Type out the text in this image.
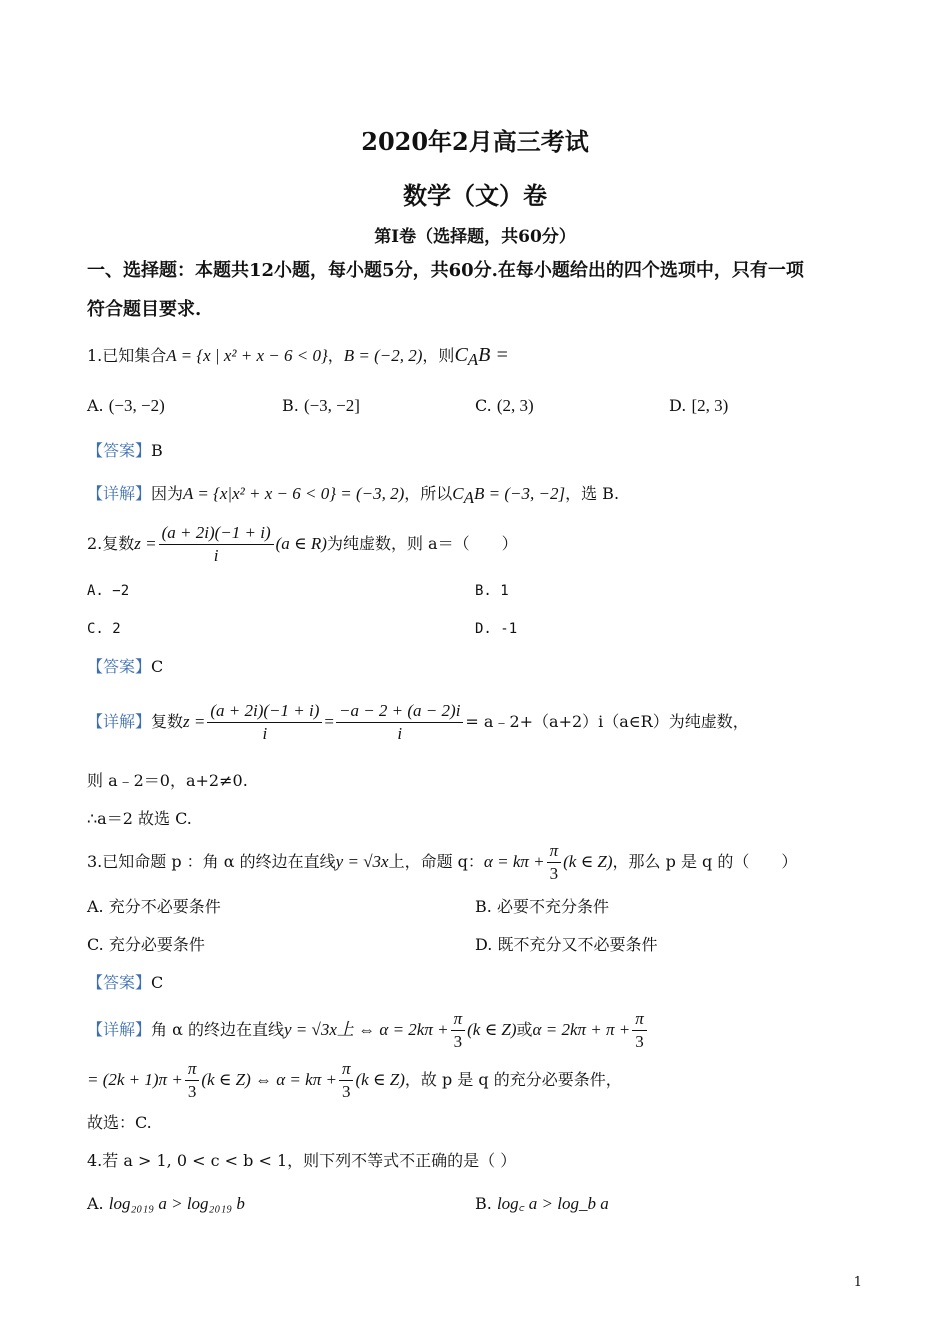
2020年2月高三考试
数学（文）卷
第Ⅰ卷（选择题，共60分）
一、选择题：本题共12小题，每小题5分，共60分.在每小题给出的四个选项中，只有一项
符合题目要求.
1.已知集合A = {x | x² + x − 6 < 0}，B = (−2, 2)，则$C_AB$ =
A. (−3, −2)	B. (−3, −2]	C. (2, 3)	D. [2, 3)
【答案】B
【详解】因为A = {x|x² + x − 6 < 0} = (−3, 2)，所以$C_AB = (-3$, −2]，选 B.
2.复数$z = \frac{(a + 2i)(-1 + i)}{i} (a$ ∈ R)为纯虚数，则 a＝（　　）
A. −2	B. 1
C. 2	D. -1
【答案】C
【详解】复数$z = \frac{(a + 2i)(-1 + i)}{i} = \frac{-a - 2 + (a - 2)i}{i}$ = a﹣2+（a+2）i（a∈R）为纯虚数，
则 a﹣2＝0，a+2≠0.
∴a＝2 故选 C.
3.已知命题 p ：角 α 的终边在直线y = √3x上，命题 q：$\alpha = k\pi + \frac{\pi}{3} (k$ ∈ Z)，那么 p 是 q 的（　　）
A. 充分不必要条件	B. 必要不充分条件
C. 充分必要条件	D. 既不充分又不必要条件
【答案】C
【详解】角 α 的终边在直线y = √3x上 ⇔ $\alpha = 2k\pi + \frac{\pi}{3} (k$ ∈ Z)或$\alpha = 2k\pi + \pi + \frac{\pi}{3}$
= $(2k + 1)\pi + \frac{\pi}{3} (k$ ∈ Z) ⇔ $\alpha = k\pi + \frac{\pi}{3} (k$ ∈ Z)，故 p 是 q 的充分必要条件，
故选：C.
4.若 a > 1, 0 < c < b < 1，则下列不等式不正确的是（ ）
A. log₂₀₁₉ a > log₂₀₁₉ b	B. log꜀ a > log_b a
1
